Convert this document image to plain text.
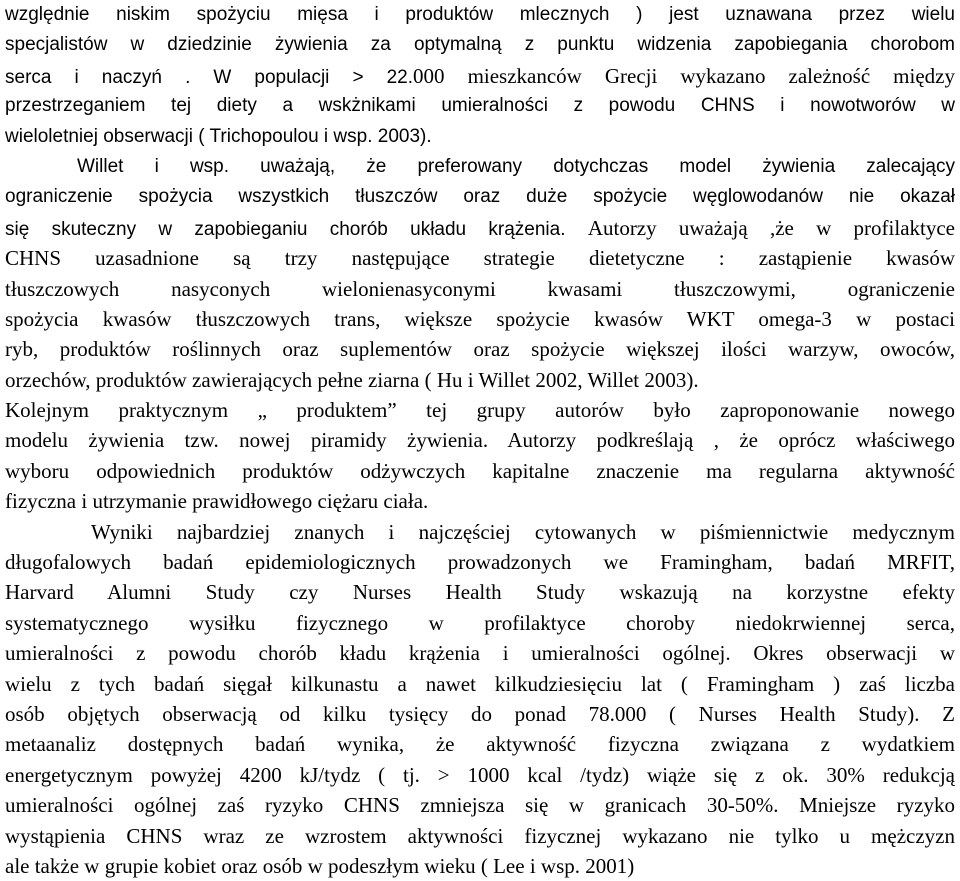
względnie niskim spożyciu mięsa i produktów mlecznych ) jest uznawana przez wielu
specjalistów w dziedzinie żywienia za optymalną z punktu widzenia zapobiegania chorobom
serca i naczyń . W populacji > 22.000 mieszkanców Grecji wykazano zależność między
przestrzeganiem tej diety a wskżnikami umieralności z powodu CHNS i nowotworów w
wieloletniej obserwacji ( Trichopoulou i wsp. 2003).
Willet i wsp. uważają, że preferowany dotychczas model żywienia zalecający
ograniczenie spożycia wszystkich tłuszczów oraz duże spożycie węglowodanów nie okazał
się skuteczny w zapobieganiu chorób układu krążenia. Autorzy uważają ,że w profilaktyce
CHNS uzasadnione są trzy następujące strategie dietetyczne : zastąpienie kwasów
tłuszczowych nasyconych wielonienasyconymi kwasami tłuszczowymi, ograniczenie
spożycia kwasów tłuszczowych trans, większe spożycie kwasów WKT omega-3 w postaci
ryb, produktów roślinnych oraz suplementów oraz spożycie większej ilości warzyw, owoców,
orzechów, produktów zawierających pełne ziarna ( Hu i Willet 2002, Willet 2003).
Kolejnym praktycznym „ produktem” tej grupy autorów było zaproponowanie nowego
modelu żywienia tzw. nowej piramidy żywienia. Autorzy podkreślają , że oprócz właściwego
wyboru odpowiednich produktów odżywczych kapitalne znaczenie ma regularna aktywność
fizyczna i utrzymanie prawidłowego ciężaru ciała.
Wyniki najbardziej znanych i najczęściej cytowanych w piśmiennictwie medycznym
długofalowych badań epidemiologicznych prowadzonych we Framingham, badań MRFIT,
Harvard Alumni Study czy Nurses Health Study wskazują na korzystne efekty
systematycznego wysiłku fizycznego w profilaktyce choroby niedokrwiennej serca,
umieralności z powodu chorób kładu krążenia i umieralności ogólnej. Okres obserwacji w
wielu z tych badań sięgał kilkunastu a nawet kilkudziesięciu lat ( Framingham ) zaś liczba
osób objętych obserwacją od kilku tysięcy do ponad 78.000 ( Nurses Health Study). Z
metaanaliz dostępnych badań wynika, że aktywność fizyczna związana z wydatkiem
energetycznym powyżej 4200 kJ/tydz ( tj. > 1000 kcal /tydz) wiąże się z ok. 30% redukcją
umieralności ogólnej zaś ryzyko CHNS zmniejsza się w granicach 30-50%. Mniejsze ryzyko
wystąpienia CHNS wraz ze wzrostem aktywności fizycznej wykazano nie tylko u mężczyzn
ale także w grupie kobiet oraz osób w podeszłym wieku ( Lee i wsp. 2001)
